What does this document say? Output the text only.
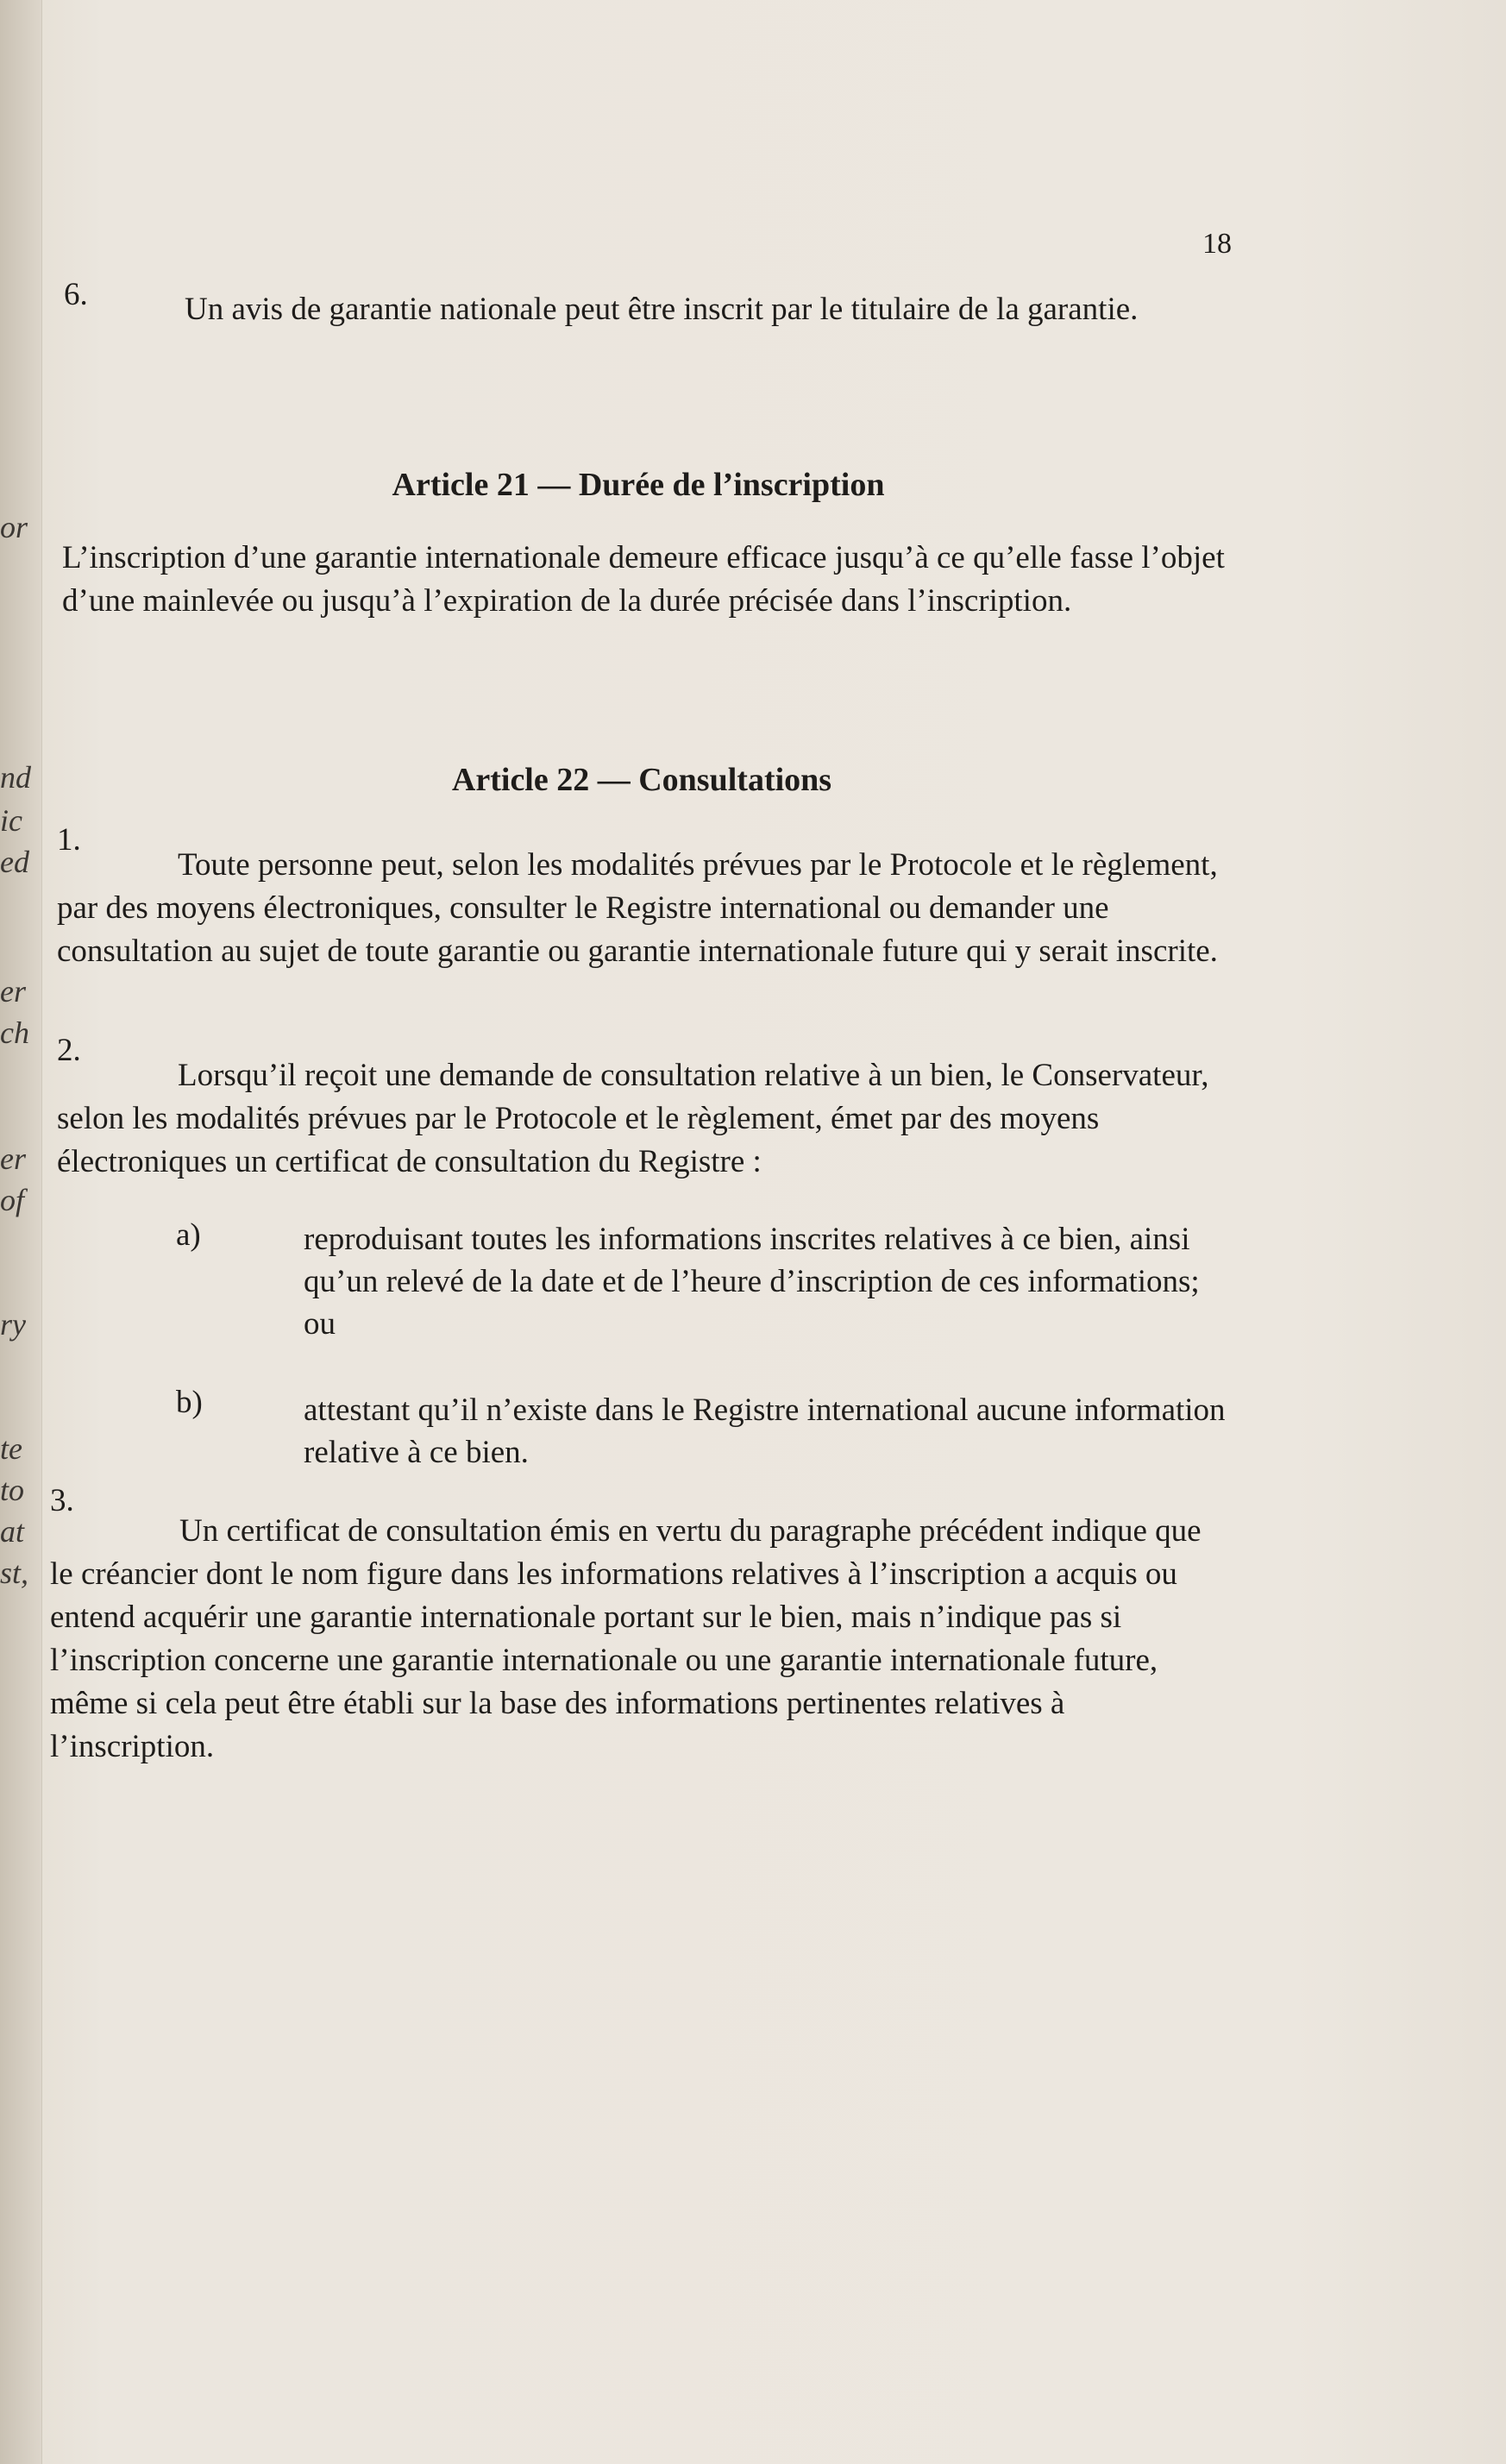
or
nd
ic
ed
er
ch
er
of
ry
te
to
at
st,
18
6.	Un avis de garantie nationale peut être inscrit par le titulaire de la garantie.
Article 21 — Durée de l’inscription
L’inscription d’une garantie internationale demeure efficace jusqu’à ce qu’elle fasse l’objet d’une mainlevée ou jusqu’à l’expiration de la durée précisée dans l’inscription.
Article 22 — Consultations
1.
Toute personne peut, selon les modalités prévues par le Protocole et le règlement, par des moyens électroniques, consulter le Registre international ou demander une consultation au sujet de toute garantie ou garantie internationale future qui y serait inscrite.
2.
Lorsqu’il reçoit une demande de consultation relative à un bien, le Conservateur, selon les modalités prévues par le Protocole et le règlement, émet par des moyens électroniques un certificat de consultation du Registre :
a)	reproduisant toutes les informations inscrites relatives à ce bien, ainsi qu’un relevé de la date et de l’heure d’inscription de ces informations; ou
b)	attestant qu’il n’existe dans le Registre international aucune information relative à ce bien.
3.
Un certificat de consultation émis en vertu du paragraphe précédent indique que le créancier dont le nom figure dans les informations relatives à l’inscription a acquis ou entend acquérir une garantie internationale portant sur le bien, mais n’indique pas si l’inscription concerne une garantie internationale ou une garantie internationale future, même si cela peut être établi sur la base des informations pertinentes relatives à l’inscription.
